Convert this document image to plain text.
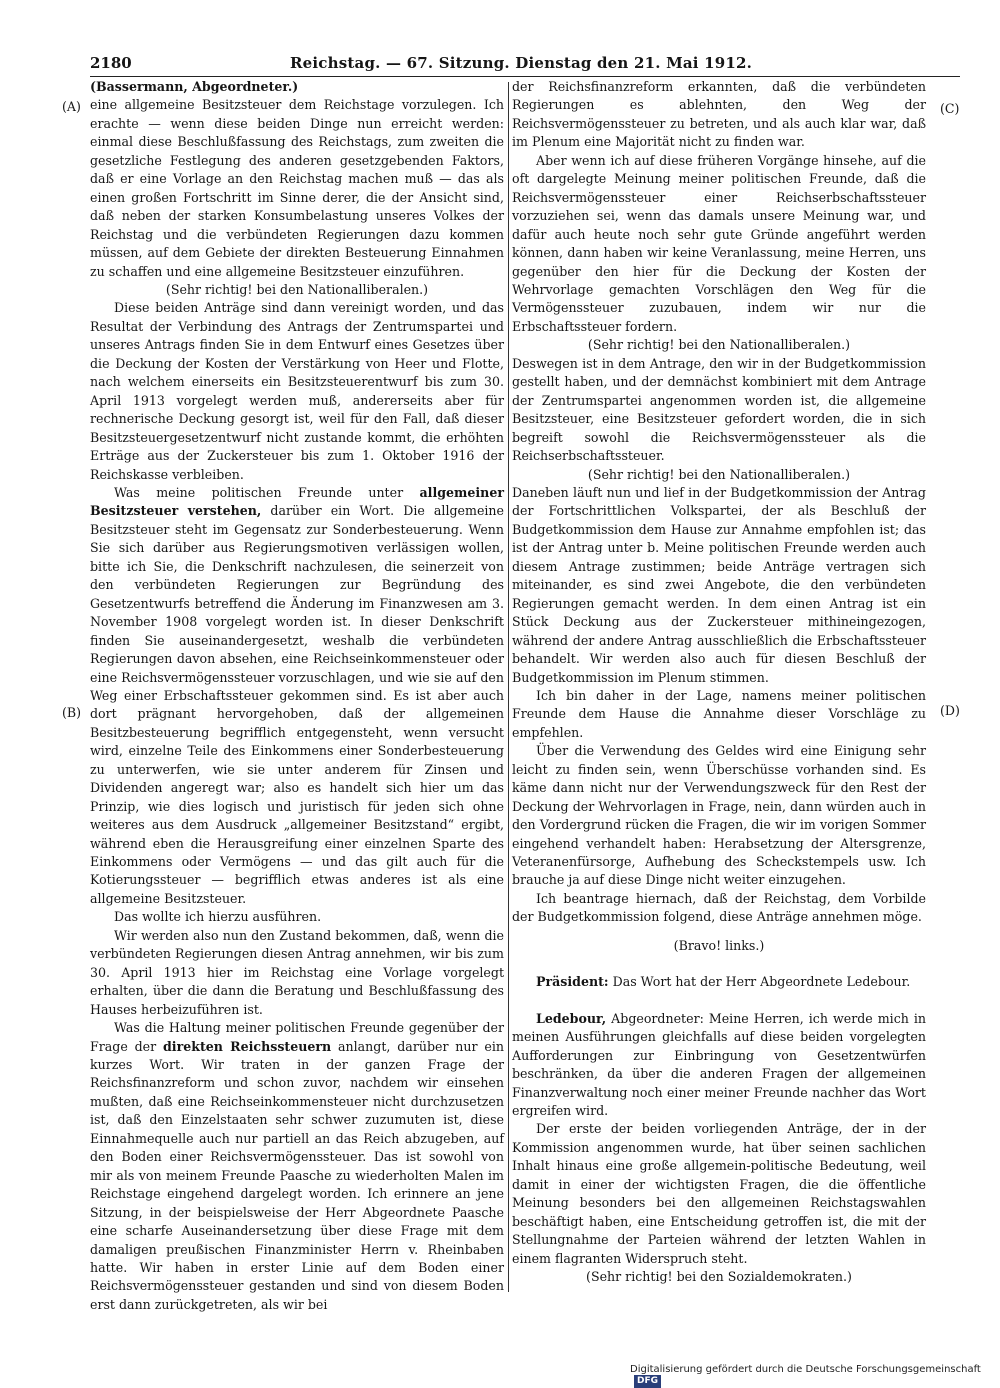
2180	Reichstag. — 67. Sitzung. Dienstag den 21. Mai 1912.
(A)
(B)
(C)
(D)

(Bassermann, Abgeordneter.)

eine allgemeine Besitzsteuer dem Reichstage vorzulegen. Ich erachte — wenn diese beiden Dinge nun erreicht werden: einmal diese Beschlußfassung des Reichstags, zum zweiten die gesetzliche Festlegung des anderen gesetzgebenden Faktors, daß er eine Vorlage an den Reichstag machen muß — das als einen großen Fortschritt im Sinne derer, die der Ansicht sind, daß neben der starken Konsumbelastung unseres Volkes der Reichstag und die verbündeten Regierungen dazu kommen müssen, auf dem Gebiete der direkten Besteuerung Einnahmen zu schaffen und eine allgemeine Besitzsteuer einzuführen.

(Sehr richtig! bei den Nationalliberalen.)

Diese beiden Anträge sind dann vereinigt worden, und das Resultat der Verbindung des Antrags der Zentrumspartei und unseres Antrags finden Sie in dem Entwurf eines Gesetzes über die Deckung der Kosten der Verstärkung von Heer und Flotte, nach welchem einerseits ein Besitzsteuerentwurf bis zum 30. April 1913 vorgelegt werden muß, andererseits aber für rechnerische Deckung gesorgt ist, weil für den Fall, daß dieser Besitzsteuergesetzentwurf nicht zustande kommt, die erhöhten Erträge aus der Zuckersteuer bis zum 1. Oktober 1916 der Reichskasse verbleiben.

Was meine politischen Freunde unter allgemeiner Besitzsteuer verstehen, darüber ein Wort. Die allgemeine Besitzsteuer steht im Gegensatz zur Sonderbesteuerung. Wenn Sie sich darüber aus Regierungsmotiven verlässigen wollen, bitte ich Sie, die Denkschrift nachzulesen, die seinerzeit von den verbündeten Regierungen zur Begründung des Gesetzentwurfs betreffend die Änderung im Finanzwesen am 3. November 1908 vorgelegt worden ist. In dieser Denkschrift finden Sie auseinandergesetzt, weshalb die verbündeten Regierungen davon absehen, eine Reichseinkommensteuer oder eine Reichsvermögenssteuer vorzuschlagen, und wie sie auf den Weg einer Erbschaftssteuer gekommen sind. Es ist aber auch dort prägnant hervorgehoben, daß der allgemeinen Besitzbesteuerung begrifflich entgegensteht, wenn versucht wird, einzelne Teile des Einkommens einer Sonderbesteuerung zu unterwerfen, wie sie unter anderem für Zinsen und Dividenden angeregt war; also es handelt sich hier um das Prinzip, wie dies logisch und juristisch für jeden sich ohne weiteres aus dem Ausdruck „allgemeiner Besitzstand“ ergibt, während eben die Herausgreifung einer einzelnen Sparte des Einkommens oder Vermögens — und das gilt auch für die Kotierungssteuer — begrifflich etwas anderes ist als eine allgemeine Besitzsteuer.

Das wollte ich hierzu ausführen.

Wir werden also nun den Zustand bekommen, daß, wenn die verbündeten Regierungen diesen Antrag annehmen, wir bis zum 30. April 1913 hier im Reichstag eine Vorlage vorgelegt erhalten, über die dann die Beratung und Beschlußfassung des Hauses herbeizuführen ist.

Was die Haltung meiner politischen Freunde gegenüber der Frage der direkten Reichssteuern anlangt, darüber nur ein kurzes Wort. Wir traten in der ganzen Frage der Reichsfinanzreform und schon zuvor, nachdem wir einsehen mußten, daß eine Reichseinkommensteuer nicht durchzusetzen ist, daß den Einzelstaaten sehr schwer zuzumuten ist, diese Einnahmequelle auch nur partiell an das Reich abzugeben, auf den Boden einer Reichsvermögenssteuer. Das ist sowohl von mir als von meinem Freunde Paasche zu wiederholten Malen im Reichstage eingehend dargelegt worden. Ich erinnere an jene Sitzung, in der beispielsweise der Herr Abgeordnete Paasche eine scharfe Auseinandersetzung über diese Frage mit dem damaligen preußischen Finanzminister Herrn v. Rheinbaben hatte. Wir haben in erster Linie auf dem Boden einer Reichsvermögenssteuer gestanden und sind von diesem Boden erst dann zurückgetreten, als wir bei

der Reichsfinanzreform erkannten, daß die verbündeten Regierungen es ablehnten, den Weg der Reichsvermögenssteuer zu betreten, und als auch klar war, daß im Plenum eine Majorität nicht zu finden war.

Aber wenn ich auf diese früheren Vorgänge hinsehe, auf die oft dargelegte Meinung meiner politischen Freunde, daß die Reichsvermögenssteuer einer Reichserbschaftssteuer vorzuziehen sei, wenn das damals unsere Meinung war, und dafür auch heute noch sehr gute Gründe angeführt werden können, dann haben wir keine Veranlassung, meine Herren, uns gegenüber den hier für die Deckung der Kosten der Wehrvorlage gemachten Vorschlägen den Weg für die Vermögenssteuer zuzubauen, indem wir nur die Erbschaftssteuer fordern.

(Sehr richtig! bei den Nationalliberalen.)

Deswegen ist in dem Antrage, den wir in der Budgetkommission gestellt haben, und der demnächst kombiniert mit dem Antrage der Zentrumspartei angenommen worden ist, die allgemeine Besitzsteuer, eine Besitzsteuer gefordert worden, die in sich begreift sowohl die Reichsvermögenssteuer als die Reichserbschaftssteuer.

(Sehr richtig! bei den Nationalliberalen.)

Daneben läuft nun und lief in der Budgetkommission der Antrag der Fortschrittlichen Volkspartei, der als Beschluß der Budgetkommission dem Hause zur Annahme empfohlen ist; das ist der Antrag unter b. Meine politischen Freunde werden auch diesem Antrage zustimmen; beide Anträge vertragen sich miteinander, es sind zwei Angebote, die den verbündeten Regierungen gemacht werden. In dem einen Antrag ist ein Stück Deckung aus der Zuckersteuer mithineingezogen, während der andere Antrag ausschließlich die Erbschaftssteuer behandelt. Wir werden also auch für diesen Beschluß der Budgetkommission im Plenum stimmen.

Ich bin daher in der Lage, namens meiner politischen Freunde dem Hause die Annahme dieser Vorschläge zu empfehlen.

Über die Verwendung des Geldes wird eine Einigung sehr leicht zu finden sein, wenn Überschüsse vorhanden sind. Es käme dann nicht nur der Verwendungszweck für den Rest der Deckung der Wehrvorlagen in Frage, nein, dann würden auch in den Vordergrund rücken die Fragen, die wir im vorigen Sommer eingehend verhandelt haben: Herabsetzung der Altersgrenze, Veteranenfürsorge, Aufhebung des Scheckstempels usw. Ich brauche ja auf diese Dinge nicht weiter einzugehen.

Ich beantrage hiernach, daß der Reichstag, dem Vorbilde der Budgetkommission folgend, diese Anträge annehmen möge.

(Bravo! links.)

Präsident: Das Wort hat der Herr Abgeordnete Ledebour.

Ledebour, Abgeordneter: Meine Herren, ich werde mich in meinen Ausführungen gleichfalls auf diese beiden vorgelegten Aufforderungen zur Einbringung von Gesetzentwürfen beschränken, da über die anderen Fragen der allgemeinen Finanzverwaltung noch einer meiner Freunde nachher das Wort ergreifen wird.

Der erste der beiden vorliegenden Anträge, der in der Kommission angenommen wurde, hat über seinen sachlichen Inhalt hinaus eine große allgemein-politische Bedeutung, weil damit in einer der wichtigsten Fragen, die die öffentliche Meinung besonders bei den allgemeinen Reichstagswahlen beschäftigt haben, eine Entscheidung getroffen ist, die mit der Stellungnahme der Parteien während der letzten Wahlen in einem flagranten Widerspruch steht.

(Sehr richtig! bei den Sozialdemokraten.)

Digitalisierung gefördert durch die Deutsche Forschungsgemeinschaft DFG
